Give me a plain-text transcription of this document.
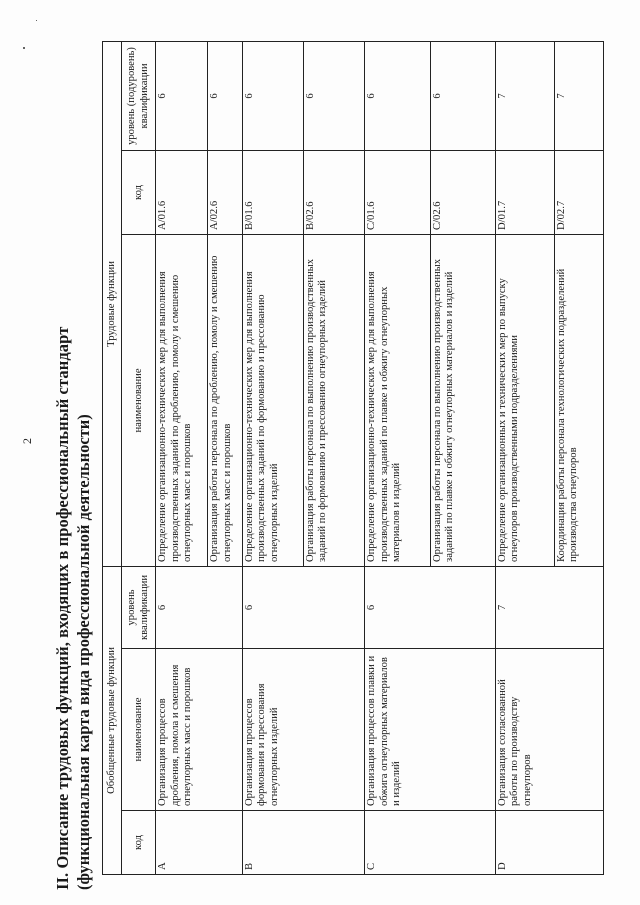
2 II. Описание трудовых функций, входящих в профессиональный стандарт (функциональная карта вида профессиональной деятельности) Обобщенные трудовые функции			Трудовые функции		
код	наименование	уровень квалификации	наименование	код	уровень (подуровень) квалификации
A	Организация процессов дробления, помола и смешения огнеупорных масс и порошков	6	Определение организационно-технических мер для выполнения производственных заданий по дроблению, помолу и смешению огнеупорных масс и порошков	A/01.6	6
			Организация работы персонала по дроблению, помолу и смешению огнеупорных масс и порошков	A/02.6	6
B	Организация процессов формования и прессования огнеупорных изделий	6	Определение организационно-технических мер для выполнения производственных заданий по формованию и прессованию огнеупорных изделий	B/01.6	6
			Организация работы персонала по выполнению производственных заданий по формованию и прессованию огнеупорных изделий	B/02.6	6
C	Организация процессов плавки и обжига огнеупорных материалов и изделий	6	Определение организационно-технических мер для выполнения производственных заданий по плавке и обжигу огнеупорных материалов и изделий	C/01.6	6
			Организация работы персонала по выполнению производственных заданий по плавке и обжигу огнеупорных материалов и изделий	C/02.6	6
D	Организация согласованной работы по производству огнеупоров	7	Определение организационных и технических мер по выпуску огнеупоров производственными подразделениями	D/01.7	7
			Координация работы персонала технологических подразделений производства огнеупоров	D/02.7	7
